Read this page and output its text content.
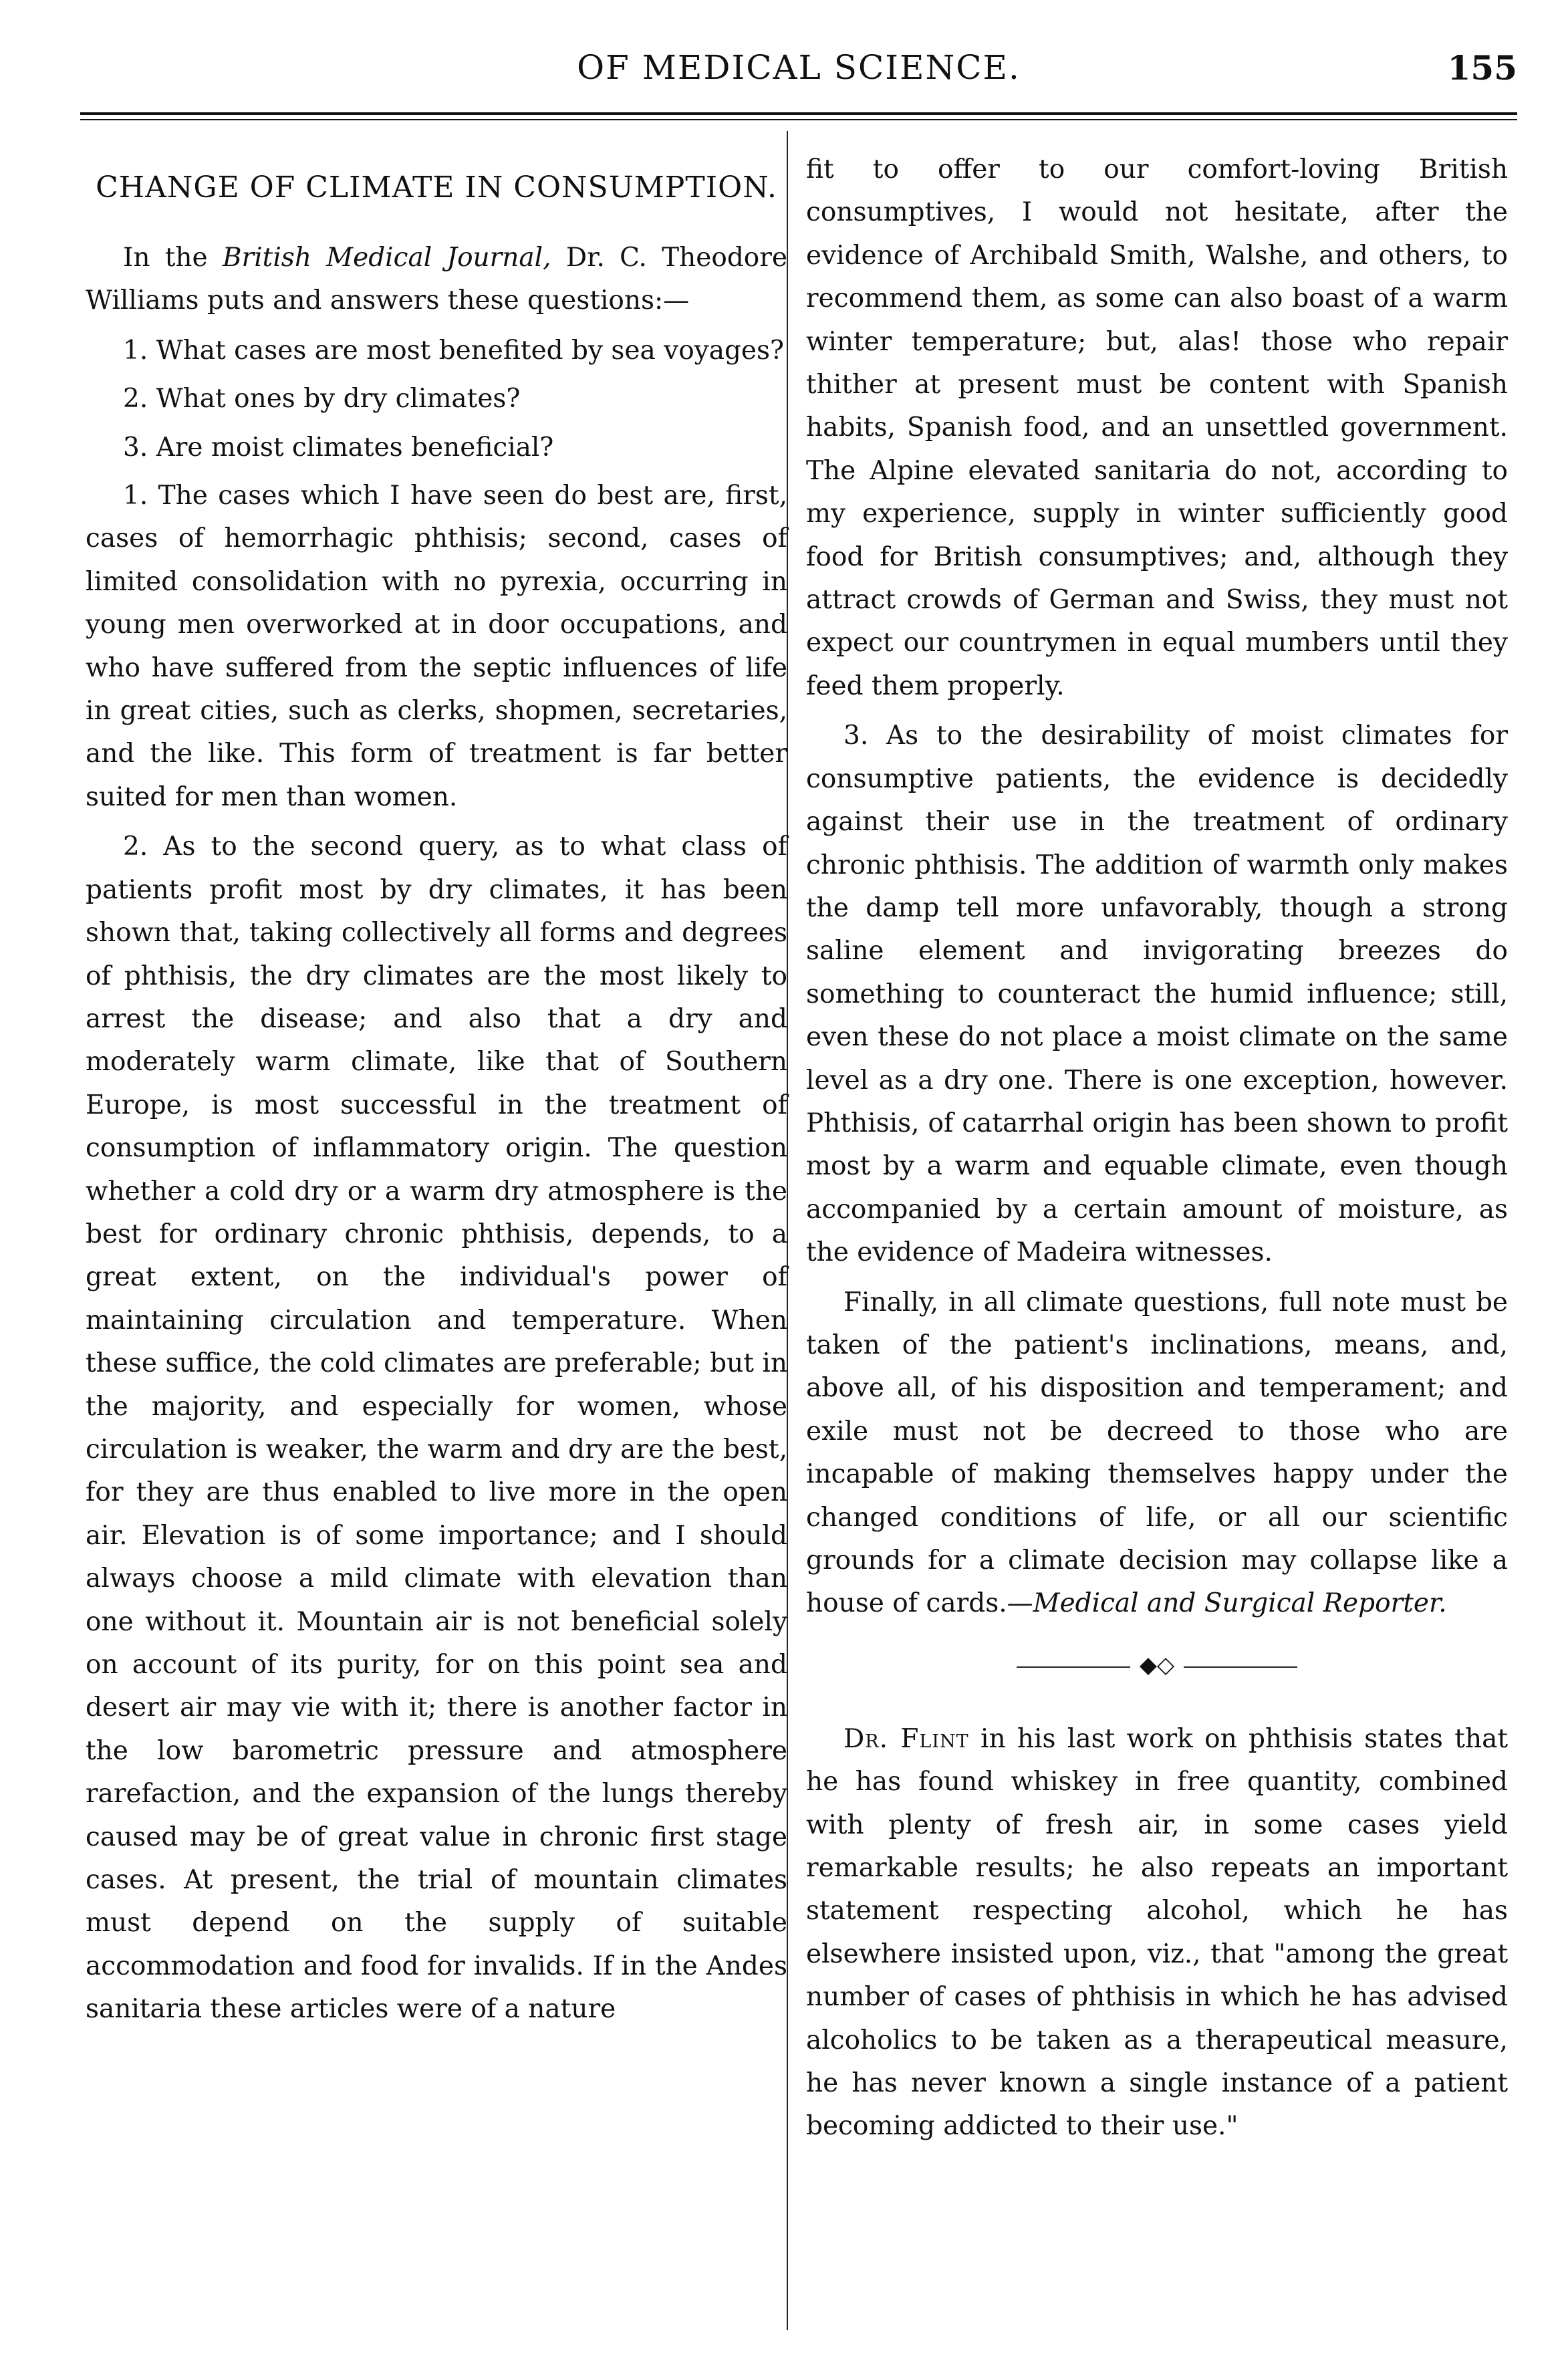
OF MEDICAL SCIENCE.	155
CHANGE OF CLIMATE IN CONSUMPTION.

In the British Medical Journal, Dr. C. Theodore Williams puts and answers these questions:—

1. What cases are most benefited by sea voyages?

2. What ones by dry climates?

3. Are moist climates beneficial?

1. The cases which I have seen do best are, first, cases of hemorrhagic phthisis; second, cases of limited consolidation with no pyrexia, occurring in young men overworked at in door occupations, and who have suffered from the septic influences of life in great cities, such as clerks, shopmen, secretaries, and the like. This form of treatment is far better suited for men than women.

2. As to the second query, as to what class of patients profit most by dry climates, it has been shown that, taking collectively all forms and degrees of phthisis, the dry climates are the most likely to arrest the disease; and also that a dry and moderately warm climate, like that of Southern Europe, is most successful in the treatment of consumption of inflammatory origin. The question whether a cold dry or a warm dry atmosphere is the best for ordinary chronic phthisis, depends, to a great extent, on the individual's power of maintaining circulation and temperature. When these suffice, the cold climates are preferable; but in the majority, and especially for women, whose circulation is weaker, the warm and dry are the best, for they are thus enabled to live more in the open air. Elevation is of some importance; and I should always choose a mild climate with elevation than one without it. Mountain air is not beneficial solely on account of its purity, for on this point sea and desert air may vie with it; there is another factor in the low barometric pressure and atmosphere rarefaction, and the expansion of the lungs thereby caused may be of great value in chronic first stage cases. At present, the trial of mountain climates must depend on the supply of suitable accommodation and food for invalids. If in the Andes sanitaria these articles were of a nature

fit to offer to our comfort-loving British consumptives, I would not hesitate, after the evidence of Archibald Smith, Walshe, and others, to recommend them, as some can also boast of a warm winter temperature; but, alas! those who repair thither at present must be content with Spanish habits, Spanish food, and an unsettled government. The Alpine elevated sanitaria do not, according to my experience, supply in winter sufficiently good food for British consumptives; and, although they attract crowds of German and Swiss, they must not expect our countrymen in equal mumbers until they feed them properly.

3. As to the desirability of moist climates for consumptive patients, the evidence is decidedly against their use in the treatment of ordinary chronic phthisis. The addition of warmth only makes the damp tell more unfavorably, though a strong saline element and invigorating breezes do something to counteract the humid influence; still, even these do not place a moist climate on the same level as a dry one. There is one exception, however. Phthisis, of catarrhal origin has been shown to profit most by a warm and equable climate, even though accompanied by a certain amount of moisture, as the evidence of Madeira witnesses.

Finally, in all climate questions, full note must be taken of the patient's inclinations, means, and, above all, of his disposition and temperament; and exile must not be decreed to those who are incapable of making themselves happy under the changed conditions of life, or all our scientific grounds for a climate decision may collapse like a house of cards.—Medical and Surgical Reporter.

◆◇

Dr. Flint in his last work on phthisis states that he has found whiskey in free quantity, combined with plenty of fresh air, in some cases yield remarkable results; he also repeats an important statement respecting alcohol, which he has elsewhere insisted upon, viz., that "among the great number of cases of phthisis in which he has advised alcoholics to be taken as a therapeutical measure, he has never known a single instance of a patient becoming addicted to their use."
